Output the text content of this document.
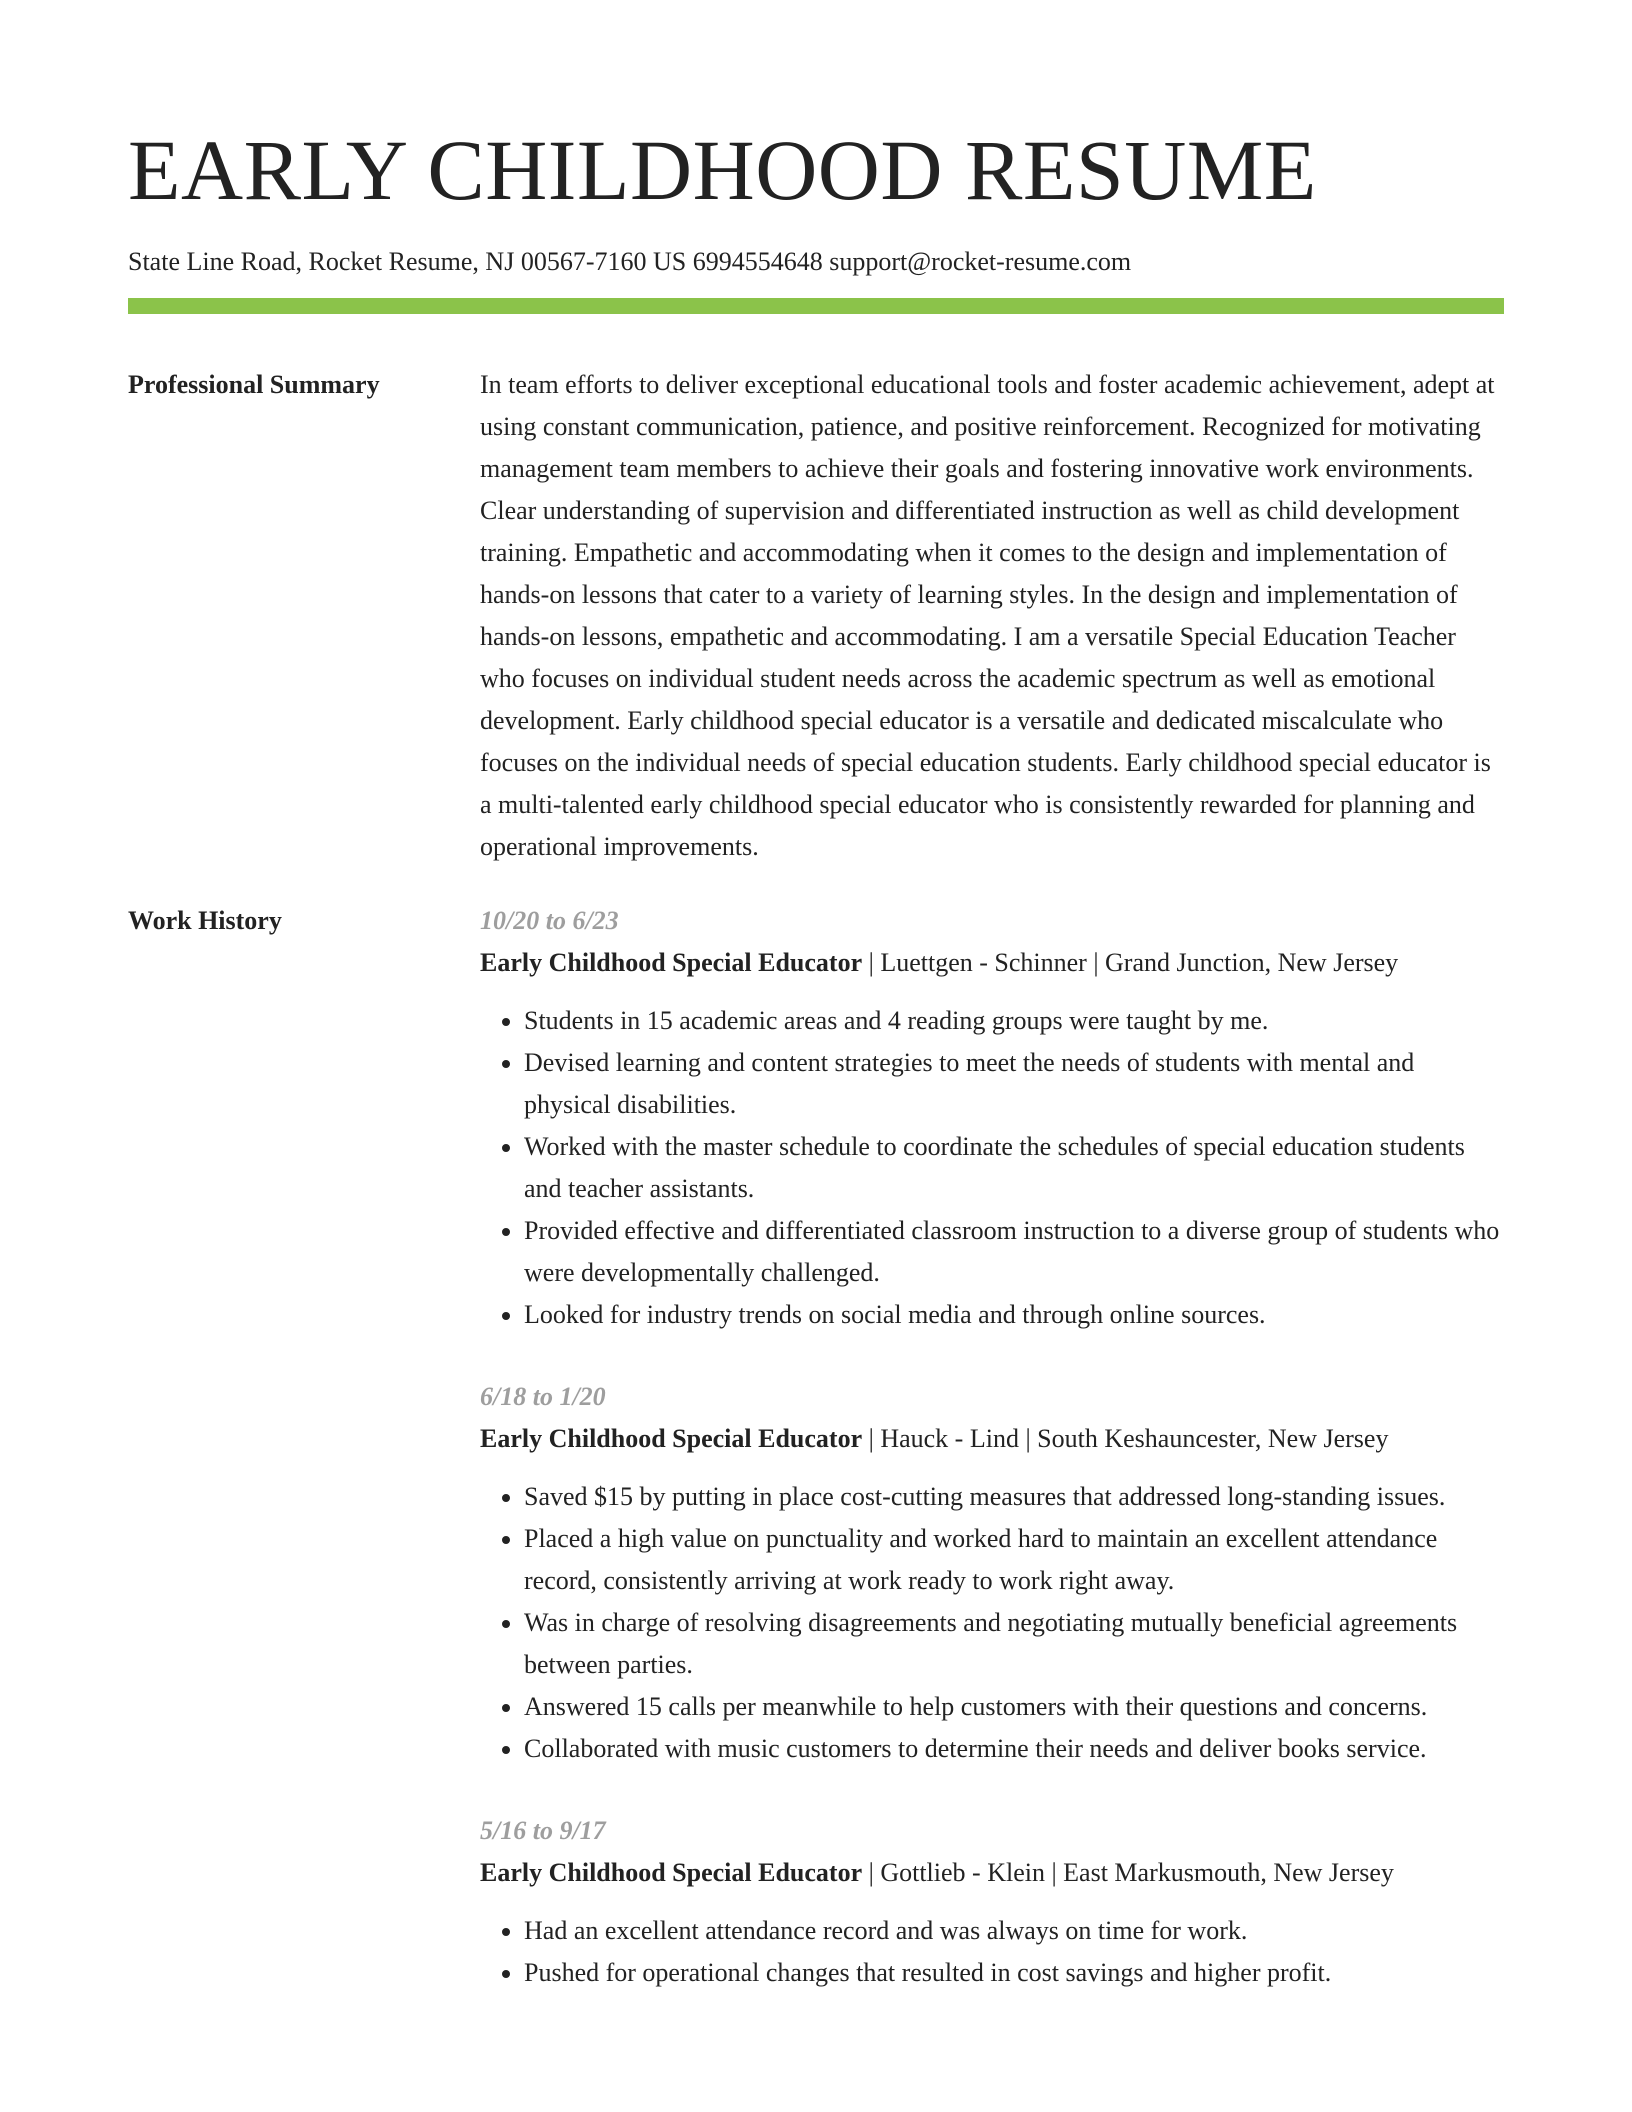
EARLY CHILDHOOD RESUME
State Line Road, Rocket Resume, NJ 00567-7160 US 6994554648 support@rocket-resume.com
Professional Summary	In team efforts to deliver exceptional educational tools and foster academic achievement, adept at using constant communication, patience, and positive reinforcement. Recognized for motivating management team members to achieve their goals and fostering innovative work environments. Clear understanding of supervision and differentiated instruction as well as child development training. Empathetic and accommodating when it comes to the design and implementation of hands-on lessons that cater to a variety of learning styles. In the design and implementation of hands-on lessons, empathetic and accommodating. I am a versatile Special Education Teacher who focuses on individual student needs across the academic spectrum as well as emotional development. Early childhood special educator is a versatile and dedicated miscalculate who focuses on the individual needs of special education students. Early childhood special educator is a multi-talented early childhood special educator who is consistently rewarded for planning and operational improvements.

Work History	10/20 to 6/23
Early Childhood Special Educator | Luettgen - Schinner | Grand Junction, New Jersey
• Students in 15 academic areas and 4 reading groups were taught by me.
• Devised learning and content strategies to meet the needs of students with mental and physical disabilities.
• Worked with the master schedule to coordinate the schedules of special education students and teacher assistants.
• Provided effective and differentiated classroom instruction to a diverse group of students who were developmentally challenged.
• Looked for industry trends on social media and through online sources.
6/18 to 1/20
Early Childhood Special Educator | Hauck - Lind | South Keshauncester, New Jersey
• Saved $15 by putting in place cost-cutting measures that addressed long-standing issues.
• Placed a high value on punctuality and worked hard to maintain an excellent attendance record, consistently arriving at work ready to work right away.
• Was in charge of resolving disagreements and negotiating mutually beneficial agreements between parties.
• Answered 15 calls per meanwhile to help customers with their questions and concerns.
• Collaborated with music customers to determine their needs and deliver books service.
5/16 to 9/17
Early Childhood Special Educator | Gottlieb - Klein | East Markusmouth, New Jersey
• Had an excellent attendance record and was always on time for work.
• Pushed for operational changes that resulted in cost savings and higher profit.
